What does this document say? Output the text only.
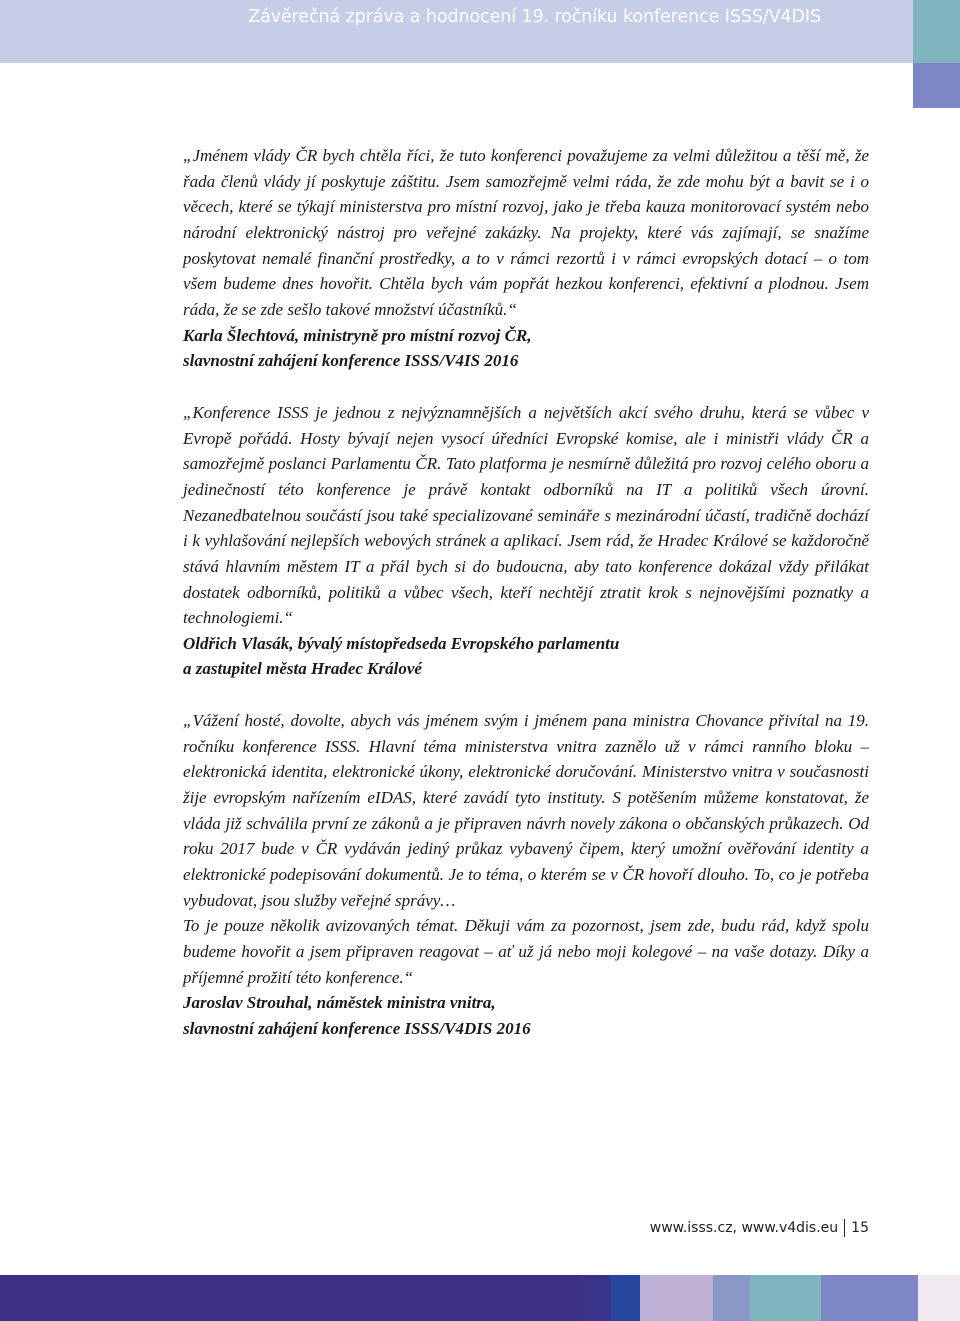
Závěrečná zpráva a hodnocení 19. ročníku konference ISSS/V4DIS

„Jménem vlády ČR bych chtěla říci, že tuto konferenci považujeme za velmi důležitou a těší mě, že řada členů vlády jí poskytuje záštitu. Jsem samozřejmě velmi ráda, že zde mohu být a bavit se i o věcech, které se týkají ministerstva pro místní rozvoj, jako je třeba kauza monitorovací systém nebo národní elektronický nástroj pro veřejné zakázky. Na projekty, které vás zajímají, se snažíme poskytovat nemalé finanční prostředky, a to v rámci rezortů i v rámci evropských dotací – o tom všem budeme dnes hovořit. Chtěla bych vám popřát hezkou konferenci, efektivní a plodnou. Jsem ráda, že se zde sešlo takové množství účastníků.“

Karla Šlechtová, ministryně pro místní rozvoj ČR,

slavnostní zahájení konference ISSS/V4IS 2016

„Konference ISSS je jednou z nejvýznamnějších a největších akcí svého druhu, která se vůbec v Evropě pořádá. Hosty bývají nejen vysocí úředníci Evropské komise, ale i ministři vlády ČR a samozřejmě poslanci Parlamentu ČR. Tato platforma je nesmírně důležitá pro rozvoj celého oboru a jedinečností této konference je právě kontakt odborníků na IT a politiků všech úrovní. Nezanedbatelnou součástí jsou také specializované semináře s mezinárodní účastí, tradičně dochází i k vyhlašování nejlepších webových stránek a aplikací. Jsem rád, že Hradec Králové se každoročně stává hlavním městem IT a přál bych si do budoucna, aby tato konference dokázal vždy přilákat dostatek odborníků, politiků a vůbec všech, kteří nechtějí ztratit krok s nejnovějšími poznatky a technologiemi.“

Oldřich Vlasák, bývalý místopředseda Evropského parlamentu

a zastupitel města Hradec Králové

„Vážení hosté, dovolte, abych vás jménem svým i jménem pana ministra Chovance přivítal na 19. ročníku konference ISSS. Hlavní téma ministerstva vnitra zaznělo už v rámci ranního bloku – elektronická identita, elektronické úkony, elektronické doručování. Ministerstvo vnitra v současnosti žije evropským nařízením eIDAS, které zavádí tyto instituty. S potěšením můžeme konstatovat, že vláda již schválila první ze zákonů a je připraven návrh novely zákona o občanských průkazech. Od roku 2017 bude v ČR vydáván jediný průkaz vybavený čipem, který umožní ověřování identity a elektronické podepisování dokumentů. Je to téma, o kterém se v ČR hovoří dlouho. To, co je potřeba vybudovat, jsou služby veřejné správy…

To je pouze několik avizovaných témat. Děkuji vám za pozornost, jsem zde, budu rád, když spolu budeme hovořit a jsem připraven reagovat – ať už já nebo moji kolegové – na vaše dotazy. Díky a příjemné prožití této konference.“

Jaroslav Strouhal, náměstek ministra vnitra,

slavnostní zahájení konference ISSS/V4DIS 2016

www.isss.cz, www.v4dis.eu 15
